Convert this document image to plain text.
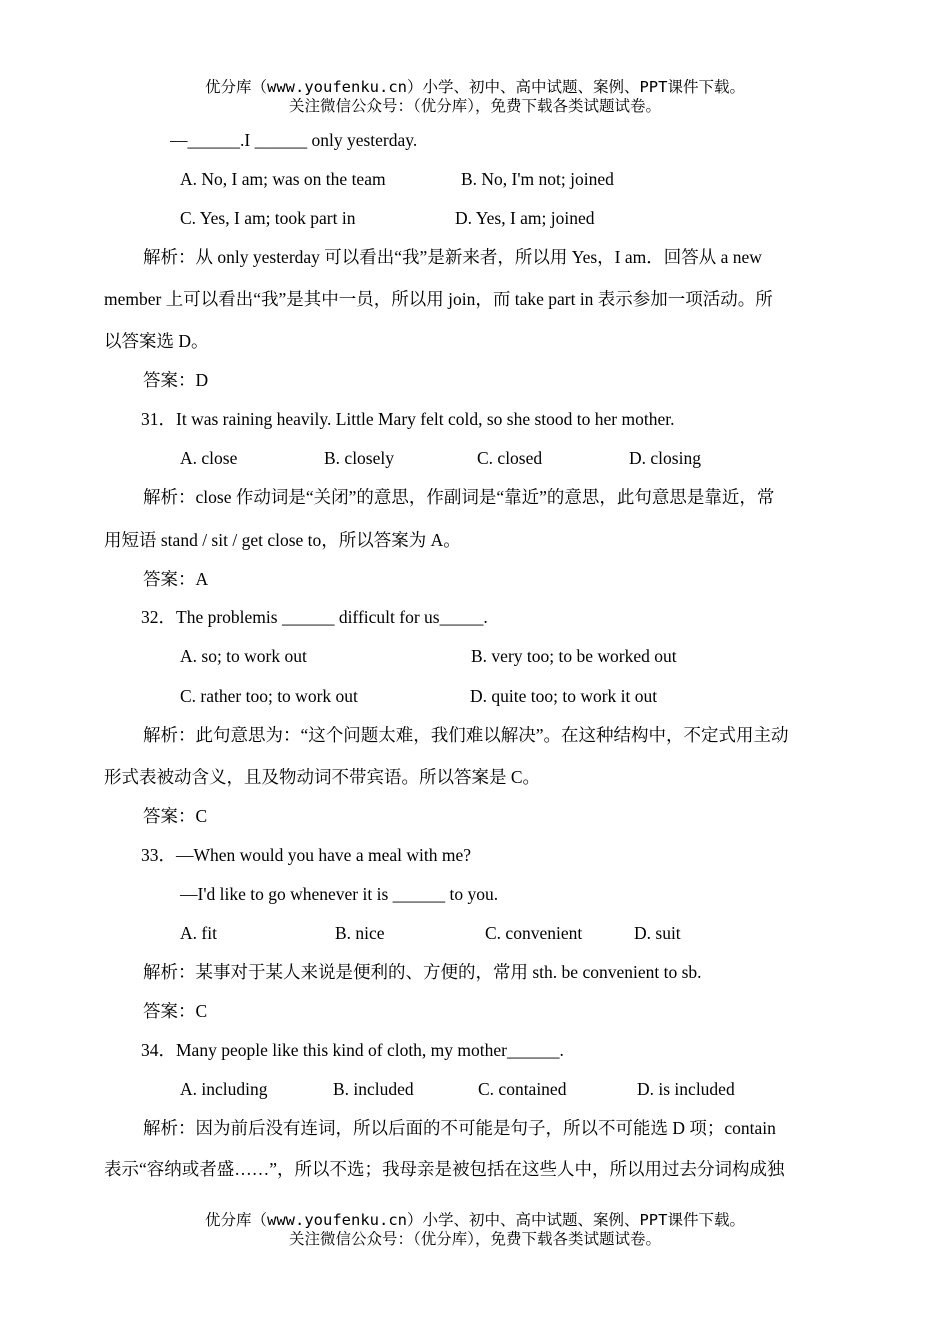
优分库（www.youfenku.cn）小学、初中、高中试题、案例、PPT课件下载。
关注微信公众号：（优分库），免费下载各类试题试卷。
—______.I ______ only yesterday.
A. No, I am; was on the team	B. No, I'm not; joined
C. Yes, I am; took part in	D. Yes, I am; joined
解析：从 only yesterday 可以看出“我”是新来者，所以用 Yes，I am．回答从 a new
member 上可以看出“我”是其中一员，所以用 join，而 take part in 表示参加一项活动。所
以答案选 D。
答案：D
31．It was raining heavily. Little Mary felt cold, so she stood to her mother.
A. close	B. closely	C. closed	D. closing
解析：close 作动词是“关闭”的意思，作副词是“靠近”的意思，此句意思是靠近，常
用短语 stand / sit / get close to，所以答案为 A。
答案：A
32．The problemis ______ difficult for us_____.
A. so; to work out	B. very too; to be worked out
C. rather too; to work out	D. quite too; to work it out
解析：此句意思为：“这个问题太难，我们难以解决”。在这种结构中，不定式用主动
形式表被动含义，且及物动词不带宾语。所以答案是 C。
答案：C
33．—When would you have a meal with me?
—I'd like to go whenever it is ______ to you.
A. fit	B. nice	C. convenient	D. suit
解析：某事对于某人来说是便利的、方便的，常用 sth. be convenient to sb.
答案：C
34．Many people like this kind of cloth, my mother______.
A. including	B. included	C. contained	D. is included
解析：因为前后没有连词，所以后面的不可能是句子，所以不可能选 D 项；contain
表示“容纳或者盛……”，所以不选；我母亲是被包括在这些人中，所以用过去分词构成独
优分库（www.youfenku.cn）小学、初中、高中试题、案例、PPT课件下载。
关注微信公众号：（优分库），免费下载各类试题试卷。
